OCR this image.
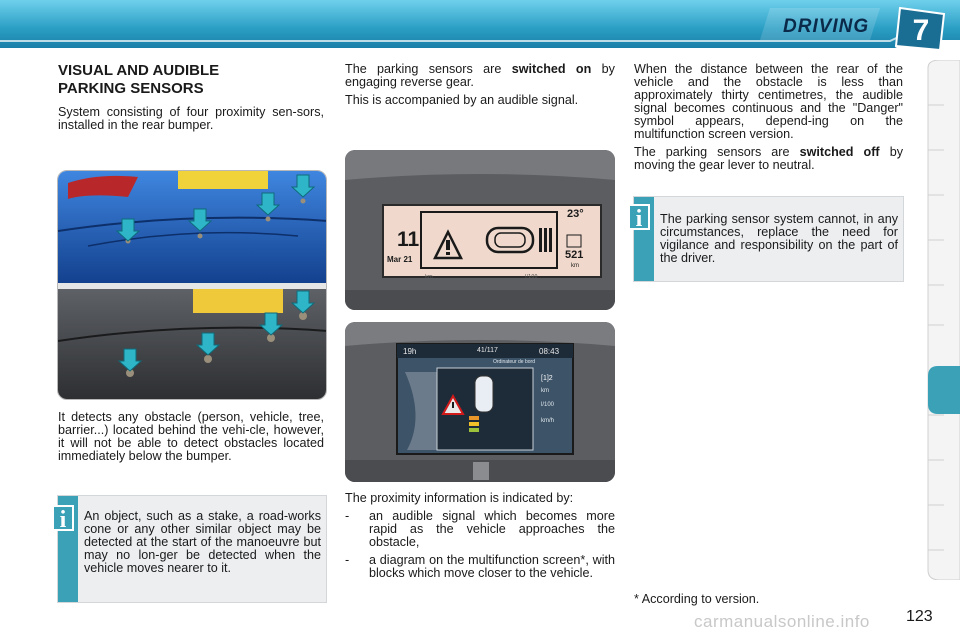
DRIVING	7
VISUAL AND AUDIBLE
PARKING SENSORS
System consisting of four proximity sen-sors, installed in the rear bumper.
It detects any obstacle (person, vehicle, tree, barrier...) located behind the vehi-cle, however, it will not be able to detect obstacles located immediately below the bumper.
An object, such as a stake, a road-works cone or any other similar object may be detected at the start of the manoeuvre but may no lon-ger be detected when the vehicle moves nearer to it.
i

The parking sensors are switched on by engaging reverse gear.

This is accompanied by an audible signal.

km	l/100
23°
11
Mar 21	521
km
19h	41/117	08:43
Ordinateur de bord
[1]2
km
l/100
km/h

The proximity information is indicated by:

- an audible signal which becomes more rapid as the vehicle approaches the obstacle,
- a diagram on the multifunction screen*, with blocks which move closer to the vehicle.

When the distance between the rear of the vehicle and the obstacle is less than approximately thirty centimetres, the audible signal becomes continuous and the "Danger" symbol appears, depend-ing on the multifunction screen version.

The parking sensors are switched off by moving the gear lever to neutral.

The parking sensor system cannot, in any circumstances, replace the need for vigilance and responsibility on the part of the driver.
i
* According to version.
carmanualsonline.info 123
